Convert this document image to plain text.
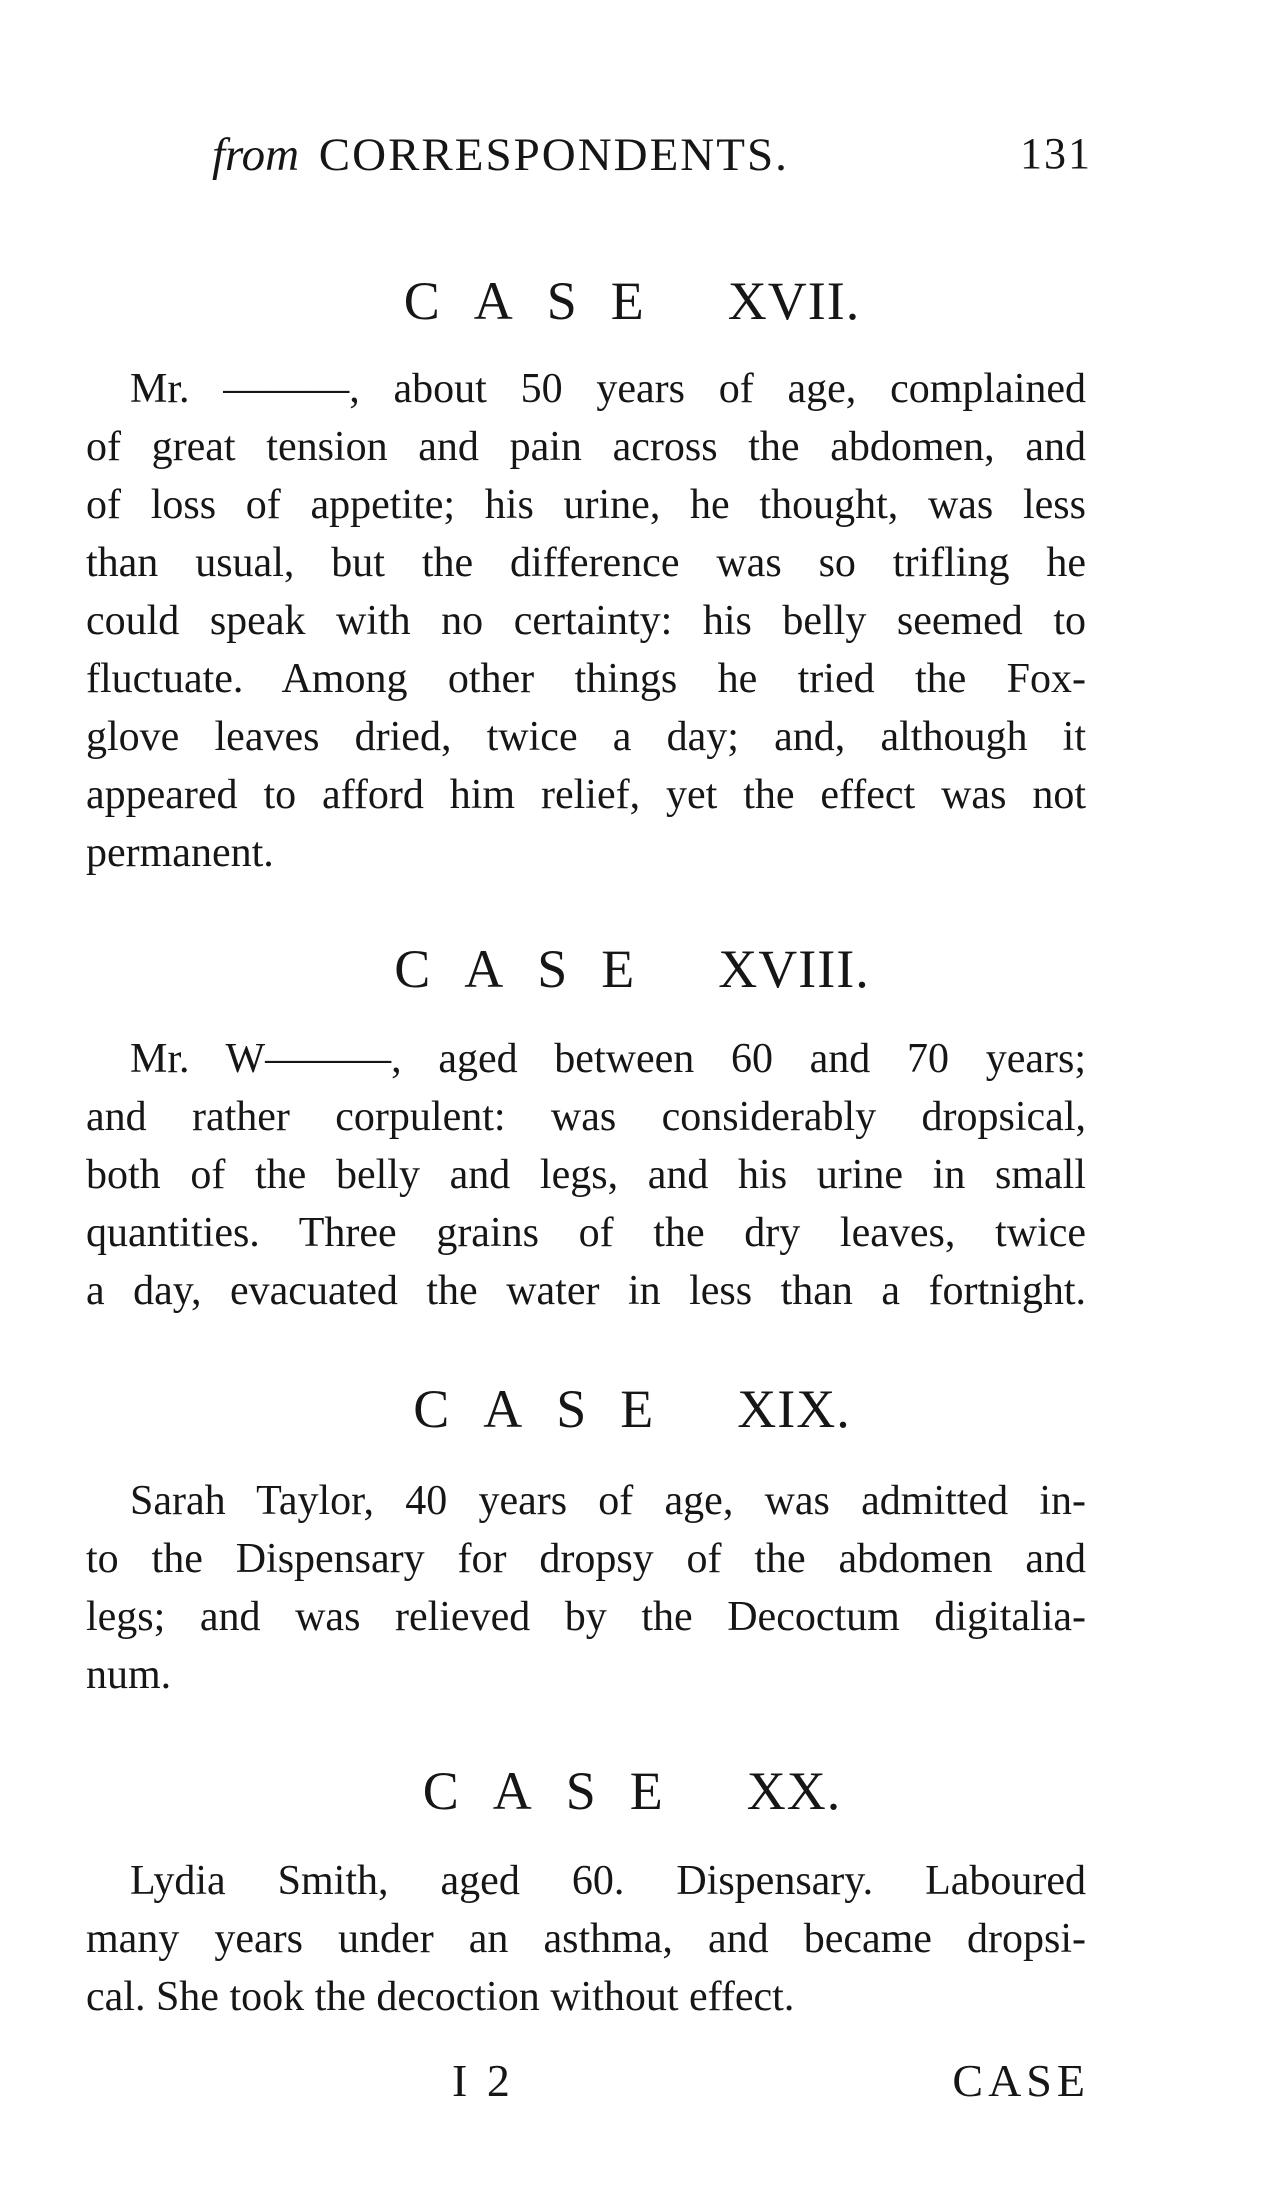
from CORRESPONDENTS.	131
CASE XVII.
Mr. ———, about 50 years of age, complained
of great tension and pain across the abdomen, and
of loss of appetite; his urine, he thought, was less
than usual, but the difference was so trifling he
could speak with no certainty: his belly seemed to
fluctuate. Among other things he tried the Fox-
glove leaves dried, twice a day; and, although it
appeared to afford him relief, yet the effect was not
permanent.
CASE XVIII.
Mr. W———, aged between 60 and 70 years;
and rather corpulent: was considerably dropsical,
both of the belly and legs, and his urine in small
quantities. Three grains of the dry leaves, twice
a day, evacuated the water in less than a fortnight.
CASE XIX.
Sarah Taylor, 40 years of age, was admitted in-
to the Dispensary for dropsy of the abdomen and
legs; and was relieved by the Decoctum digitalia-
num.
CASE XX.
Lydia Smith, aged 60. Dispensary. Laboured
many years under an asthma, and became dropsi-
cal. She took the decoction without effect.
I 2	CASE
